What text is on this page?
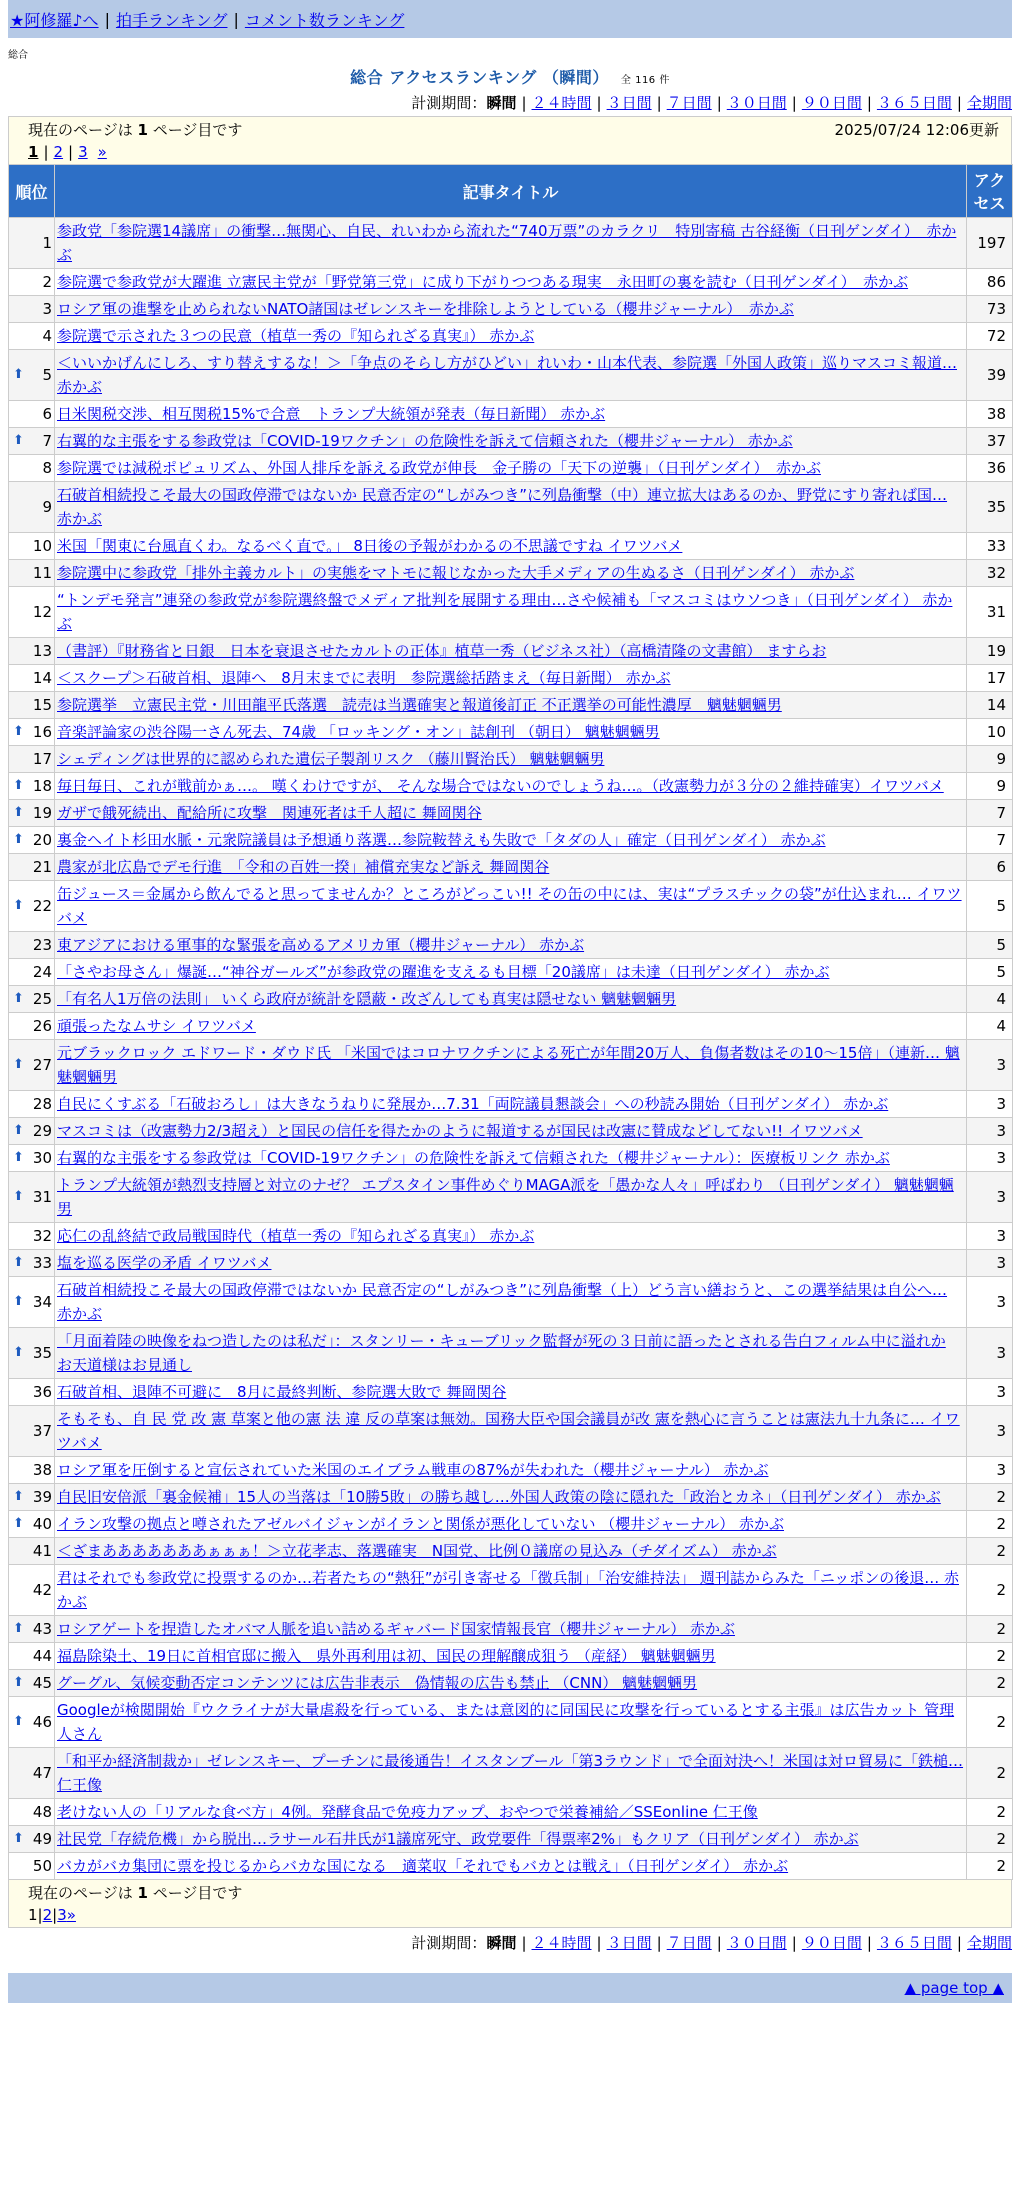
★阿修羅♪へ | 拍手ランキング | コメント数ランキング
総合
総合 アクセスランキング （瞬間） 全 116 件
計測期間：瞬間 | ２４時間 | ３日間 | ７日間 | ３０日間 | ９０日間 | ３６５日間 | 全期間
現在のページは 1 ページ目です	2025/07/24 12:06更新
1 | 2 | 3 »
順位	記事タイトル	アクセス
1	参政党「参院選14議席」の衝撃…無関心、自民、れいわから流れた“740万票”のカラクリ　特別寄稿 古谷経衡（日刊ゲンダイ）　赤かぶ	197
2	参院選で参政党が大躍進 立憲民主党が「野党第三党」に成り下がりつつある現実　永田町の裏を読む（日刊ゲンダイ）　赤かぶ	86
3	ロシア軍の進撃を止められないNATO諸国はゼレンスキーを排除しようとしている（櫻井ジャーナル）　赤かぶ	73
4	参院選で示された３つの民意（植草一秀の『知られざる真実』） 赤かぶ	72

⬆ 5	＜いいかげんにしろ、すり替えするな！＞「争点のそらし方がひどい」れいわ・山本代表、参院選「外国人政策」巡りマスコミ報道… 赤かぶ	39
6	日米関税交渉、相互関税15%で合意　トランプ大統領が発表（毎日新聞） 赤かぶ	38

⬆ 7	右翼的な主張をする参政党は「COVID-19ワクチン」の危険性を訴えて信頼された（櫻井ジャーナル） 赤かぶ	37
8	参院選では減税ポピュリズム、外国人排斥を訴える政党が伸長　金子勝の「天下の逆襲」（日刊ゲンダイ）　赤かぶ	36
9	石破首相続投こそ最大の国政停滞ではないか 民意否定の“しがみつき”に列島衝撃（中）連立拡大はあるのか、野党にすり寄れば国… 赤かぶ	35
10	米国「関東に台風直くわ。なるべく直で。」 8日後の予報がわかるの不思議ですね イワツバメ	33
11	参院選中に参政党「排外主義カルト」の実態をマトモに報じなかった大手メディアの生ぬるさ（日刊ゲンダイ） 赤かぶ	32
12	“トンデモ発言”連発の参政党が参院選終盤でメディア批判を展開する理由…さや候補も「マスコミはウソつき」（日刊ゲンダイ） 赤かぶ	31
13	（書評）『財務省と日銀　日本を衰退させたカルトの正体』植草一秀（ビジネス社）（高橋清隆の文書館） ますらお	19
14	＜スクープ＞石破首相、退陣へ　8月末までに表明　参院選総括踏まえ（毎日新聞） 赤かぶ	17
15	参院選挙　立憲民主党・川田龍平氏落選　読売は当選確実と報道後訂正 不正選挙の可能性濃厚　魑魅魍魎男	14

⬆ 16	音楽評論家の渋谷陽一さん死去、74歳 「ロッキング・オン」誌創刊 （朝日） 魑魅魍魎男	10
17	シェディングは世界的に認められた遺伝子製剤リスク （藤川賢治氏） 魑魅魍魎男	9

⬆ 18	毎日毎日、これが戦前かぁ…。 嘆くわけですが、 そんな場合ではないのでしょうね…。（改憲勢力が３分の２維持確実）イワツバメ	9

⬆ 19	ガザで餓死続出、配給所に攻撃　関連死者は千人超に 舞岡関谷	7

⬆ 20	裏金ヘイト杉田水脈・元衆院議員は予想通り落選…参院鞍替えも失敗で「タダの人」確定（日刊ゲンダイ） 赤かぶ	7
21	農家が北広島でデモ行進　「令和の百姓一揆」補償充実など訴え 舞岡関谷	6

⬆ 22	缶ジュース＝金属から飲んでると思ってませんか？ところがどっこい!! その缶の中には、実は“プラスチックの袋”が仕込まれ… イワツバメ	5
23	東アジアにおける軍事的な緊張を高めるアメリカ軍（櫻井ジャーナル） 赤かぶ	5
24	「さやお母さん」爆誕…“神谷ガールズ”が参政党の躍進を支えるも目標「20議席」は未達（日刊ゲンダイ） 赤かぶ	5

⬆ 25	「有名人1万倍の法則」 いくら政府が統計を隠蔽・改ざんしても真実は隠せない 魑魅魍魎男	4
26	頑張ったなムサシ イワツバメ	4

⬆ 27	元ブラックロック エドワード・ダウド氏 「米国ではコロナワクチンによる死亡が年間20万人、負傷者数はその10～15倍」（連新… 魑魅魍魎男	3
28	自民にくすぶる「石破おろし」は大きなうねりに発展か…7.31「両院議員懇談会」への秒読み開始（日刊ゲンダイ） 赤かぶ	3

⬆ 29	マスコミは（改憲勢力2/3超え）と国民の信任を得たかのように報道するが国民は改憲に賛成などしてない!! イワツバメ	3

⬆ 30	右翼的な主張をする参政党は「COVID-19ワクチン」の危険性を訴えて信頼された（櫻井ジャーナル）：医療板リンク 赤かぶ	3

⬆ 31	トランプ大統領が熱烈支持層と対立のナゼ？ エプスタイン事件めぐりMAGA派を「愚かな人々」呼ばわり （日刊ゲンダイ） 魑魅魍魎男	3
32	応仁の乱終結で政局戦国時代（植草一秀の『知られざる真実』） 赤かぶ	3

⬆ 33	塩を巡る医学の矛盾 イワツバメ	3

⬆ 34	石破首相続投こそ最大の国政停滞ではないか 民意否定の“しがみつき”に列島衝撃（上）どう言い繕おうと、この選挙結果は自公へ… 赤かぶ	3

⬆ 35	「月面着陸の映像をねつ造したのは私だ」：スタンリー・キューブリック監督が死の３日前に語ったとされる告白フィルム中に溢れか お天道様はお見通し	3
36	石破首相、退陣不可避に　8月に最終判断、参院選大敗で 舞岡関谷	3
37	そもそも、自 民 党 改 憲 草案と他の憲 法 違 反の草案は無効。国務大臣や国会議員が改 憲を熱心に言うことは憲法九十九条に… イワツバメ	3
38	ロシア軍を圧倒すると宣伝されていた米国のエイブラム戦車の87%が失われた（櫻井ジャーナル） 赤かぶ	3

⬆ 39	自民旧安倍派「裏金候補」15人の当落は「10勝5敗」の勝ち越し…外国人政策の陰に隠れた「政治とカネ」（日刊ゲンダイ） 赤かぶ	2

⬆ 40	イラン攻撃の拠点と噂されたアゼルバイジャンがイランと関係が悪化していない （櫻井ジャーナル） 赤かぶ	2
41	＜ざまあああああああぁぁぁ！＞立花孝志、落選確実　N国党、比例０議席の見込み（チダイズム） 赤かぶ	2
42	君はそれでも参政党に投票するのか…若者たちの“熱狂”が引き寄せる「徴兵制」「治安維持法」 週刊誌からみた「ニッポンの後退… 赤かぶ	2

⬆ 43	ロシアゲートを捏造したオバマ人脈を追い詰めるギャバード国家情報長官（櫻井ジャーナル） 赤かぶ	2
44	福島除染土、19日に首相官邸に搬入　県外再利用は初、国民の理解醸成狙う （産経） 魑魅魍魎男	2

⬆ 45	グーグル、気候変動否定コンテンツには広告非表示　偽情報の広告も禁止 （CNN） 魑魅魍魎男	2

⬆ 46	Googleが検閲開始『ウクライナが大量虐殺を行っている、または意図的に同国民に攻撃を行っているとする主張』は広告カット 管理人さん	2
47	「和平か経済制裁か」ゼレンスキー、プーチンに最後通告！イスタンブール「第3ラウンド」で全面対決へ！米国は対ロ貿易に「鉄槌… 仁王像	2
48	老けない人の「リアルな食べ方」4例。発酵食品で免疫力アップ、おやつで栄養補給／SSEonline 仁王像	2

⬆ 49	社民党「存続危機」から脱出…ラサール石井氏が1議席死守、政党要件「得票率2%」もクリア（日刊ゲンダイ） 赤かぶ	2
50	バカがバカ集団に票を投じるからバカな国になる　適菜収「それでもバカとは戦え」（日刊ゲンダイ） 赤かぶ	2
現在のページは 1 ページ目です
1|2|3»
計測期間：瞬間 | ２４時間 | ３日間 | ７日間 | ３０日間 | ９０日間 | ３６５日間 | 全期間
▲ page top ▲
